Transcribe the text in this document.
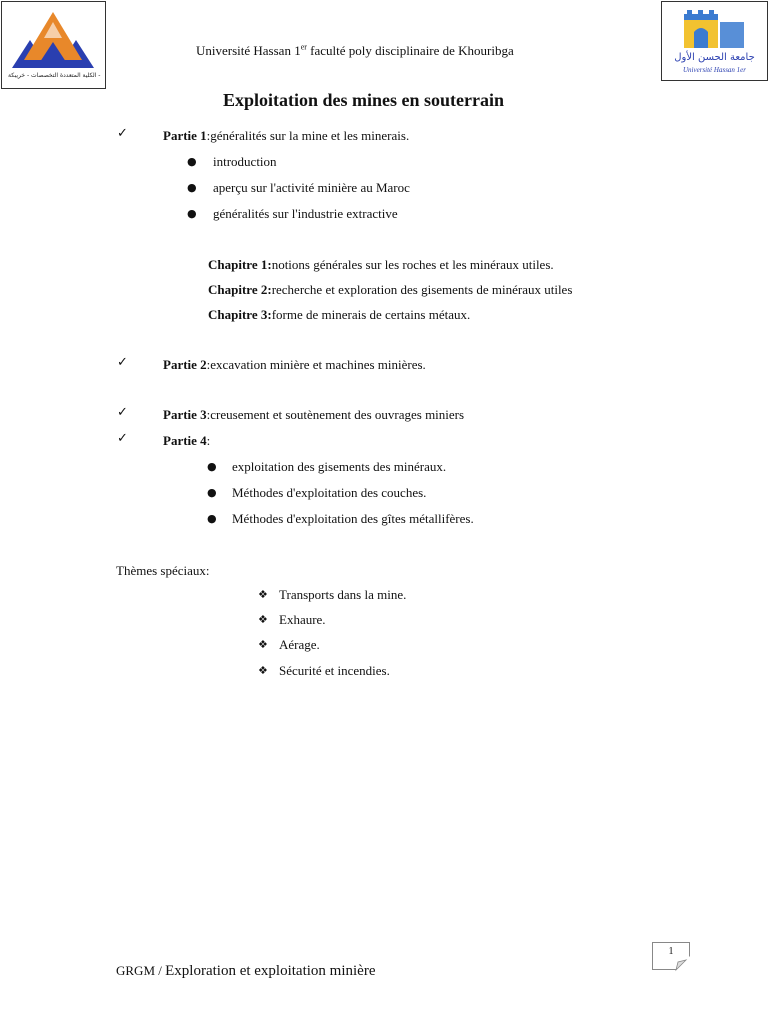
الكلية المتعددة التخصصات - خريبكة -
جامعة الحسن الأول
Université Hassan 1er
Université Hassan 1er faculté poly disciplinaire de Khouribga
Exploitation des mines en souterrain
✓	Partie 1:généralités sur la mine et les minerais.
● introduction
● aperçu sur l'activité minière au Maroc
● généralités sur l'industrie extractive
Chapitre 1:notions générales sur les roches et les minéraux utiles.
Chapitre 2:recherche et exploration des gisements de minéraux utiles
Chapitre 3:forme de minerais de certains métaux.
✓	Partie 2:excavation minière et machines minières.
✓	Partie 3:creusement et soutènement des ouvrages miniers
✓	Partie 4:
● exploitation des gisements des minéraux.
● Méthodes d'exploitation des couches.
● Méthodes d'exploitation des gîtes métallifères.
Thèmes spéciaux:
❖ Transports dans la mine.
❖ Exhaure.
❖ Aérage.
❖ Sécurité et incendies.
1
GRGM / Exploration et exploitation minière
